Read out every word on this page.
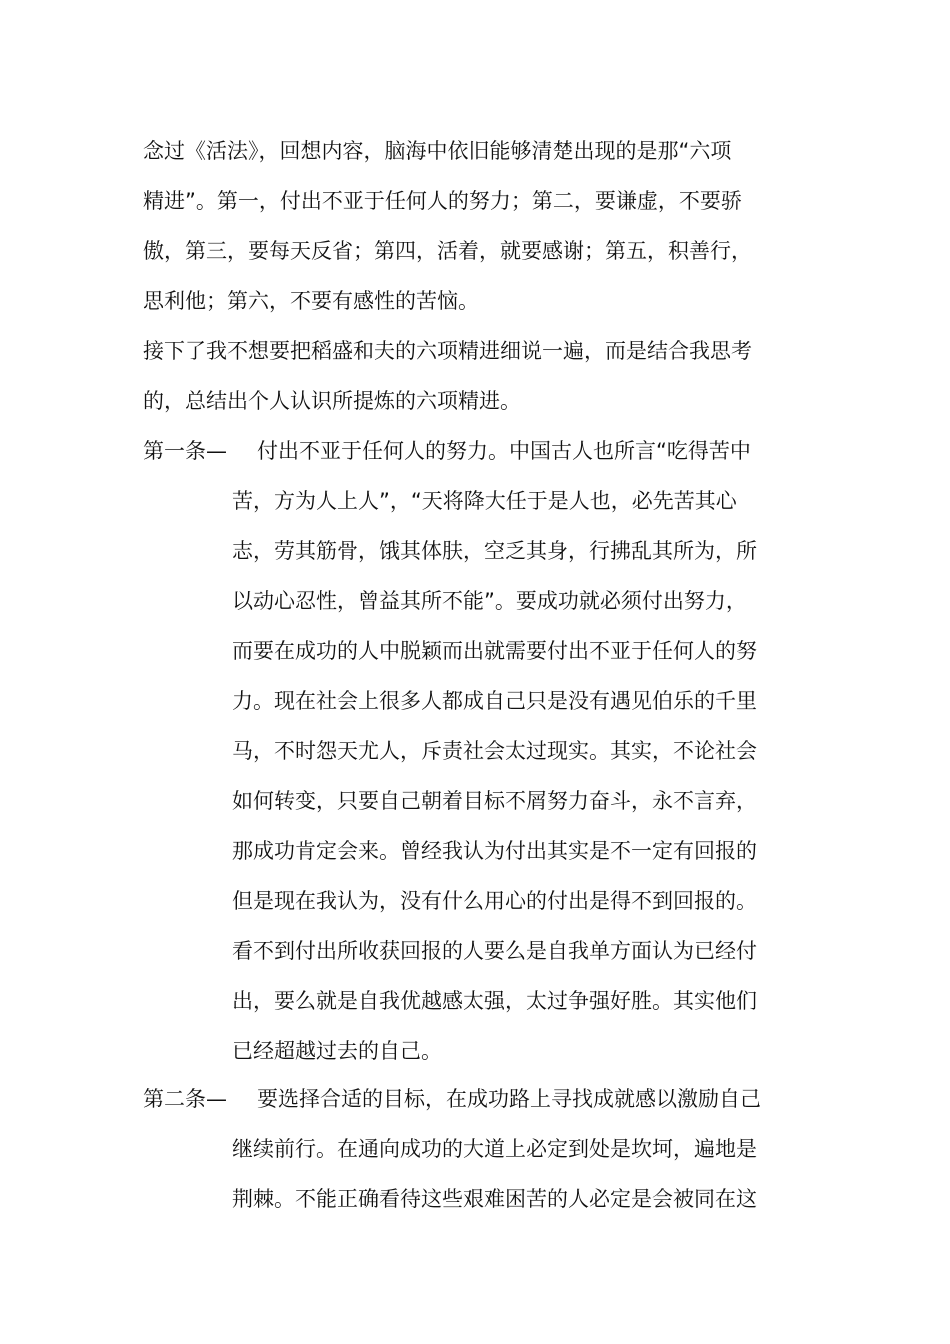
念过《活法》，回想内容，脑海中依旧能够清楚出现的是那“六项
精进”。第一，付出不亚于任何人的努力；第二，要谦虚，不要骄
傲，第三，要每天反省；第四，活着，就要感谢；第五，积善行，
思利他；第六，不要有感性的苦恼。
接下了我不想要把稻盛和夫的六项精进细说一遍，而是结合我思考
的，总结出个人认识所提炼的六项精进。
第一条— 付出不亚于任何人的努力。中国古人也所言“吃得苦中
苦，方为人上人”，“天将降大任于是人也，必先苦其心
志，劳其筋骨，饿其体肤，空乏其身，行拂乱其所为，所
以动心忍性，曾益其所不能”。要成功就必须付出努力，
而要在成功的人中脱颖而出就需要付出不亚于任何人的努
力。现在社会上很多人都成自己只是没有遇见伯乐的千里
马，不时怨天尤人，斥责社会太过现实。其实，不论社会
如何转变，只要自己朝着目标不屑努力奋斗，永不言弃，
那成功肯定会来。曾经我认为付出其实是不一定有回报的
但是现在我认为，没有什么用心的付出是得不到回报的。
看不到付出所收获回报的人要么是自我单方面认为已经付
出，要么就是自我优越感太强，太过争强好胜。其实他们
已经超越过去的自己。
第二条— 要选择合适的目标，在成功路上寻找成就感以激励自己
继续前行。在通向成功的大道上必定到处是坎坷，遍地是
荆棘。不能正确看待这些艰难困苦的人必定是会被同在这
